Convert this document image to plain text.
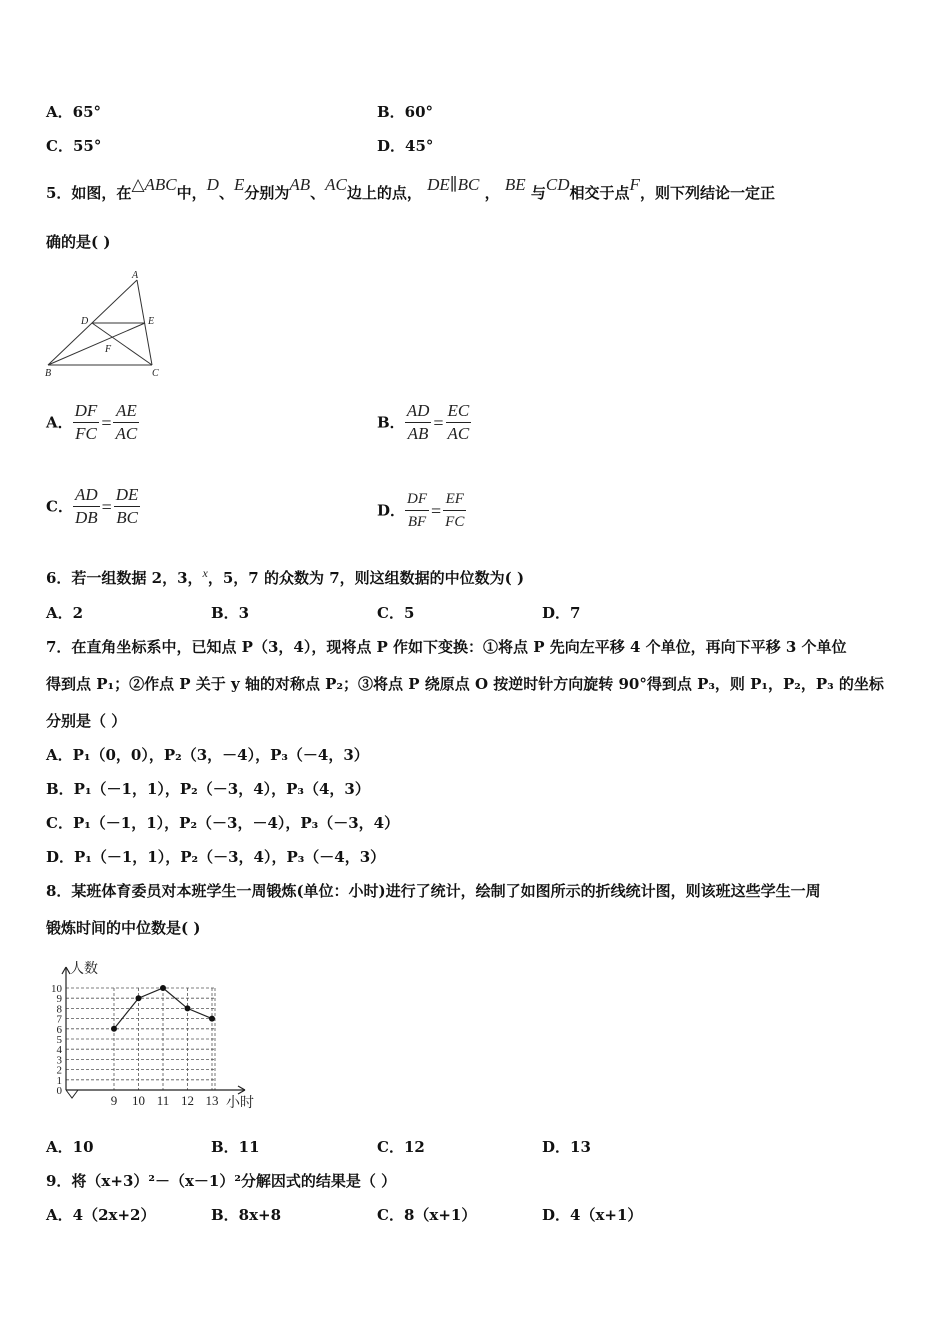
A．65°	B．60°
C．55°	D．45°
5．如图，在△ABC中，D、E分别为AB、AC边上的点， DE∥BC ， BE 与CD相交于点F，则下列结论一定正
确的是( )
A
D	E
F
B	C
A． $\frac{DF}{FC} = \frac{AE}{AC}$	B． $\frac{AD}{AB} = \frac{EC}{AC}$
C． $\frac{AD}{DB} = \frac{DE}{BC}$	D． $\frac{DF}{BF} = \frac{EF}{FC}$
6．若一组数据 2，3，$^x$，5，7 的众数为 7，则这组数据的中位数为( )
A．2	B．3	C．5	D．7
7．在直角坐标系中，已知点 P（3，4），现将点 P 作如下变换：①将点 P 先向左平移 4 个单位，再向下平移 3 个单位
得到点 P₁；②作点 P 关于 y 轴的对称点 P₂；③将点 P 绕原点 O 按逆时针方向旋转 90°得到点 P₃，则 P₁，P₂，P₃ 的坐标
分别是（ ）
A．P₁（0，0），P₂（3，－4），P₃（－4，3）
B．P₁（－1，1），P₂（－3，4），P₃（4，3）
C．P₁（－1，1），P₂（－3，－4），P₃（－3，4）
D．P₁（－1，1），P₂（－3，4），P₃（－4，3）
8．某班体育委员对本班学生一周锻炼(单位：小时)进行了统计，绘制了如图所示的折线统计图，则该班这些学生一周
锻炼时间的中位数是( )
0
1
2
3
4
5
6
7
8
9
10
9 10 11 12 13
人数
小时
A．10	B．11	C．12	D．13
9．将（x+3）²－（x－1）²分解因式的结果是（ ）
A．4（2x+2）	B．8x+8	C．8（x+1）	D．4（x+1）
